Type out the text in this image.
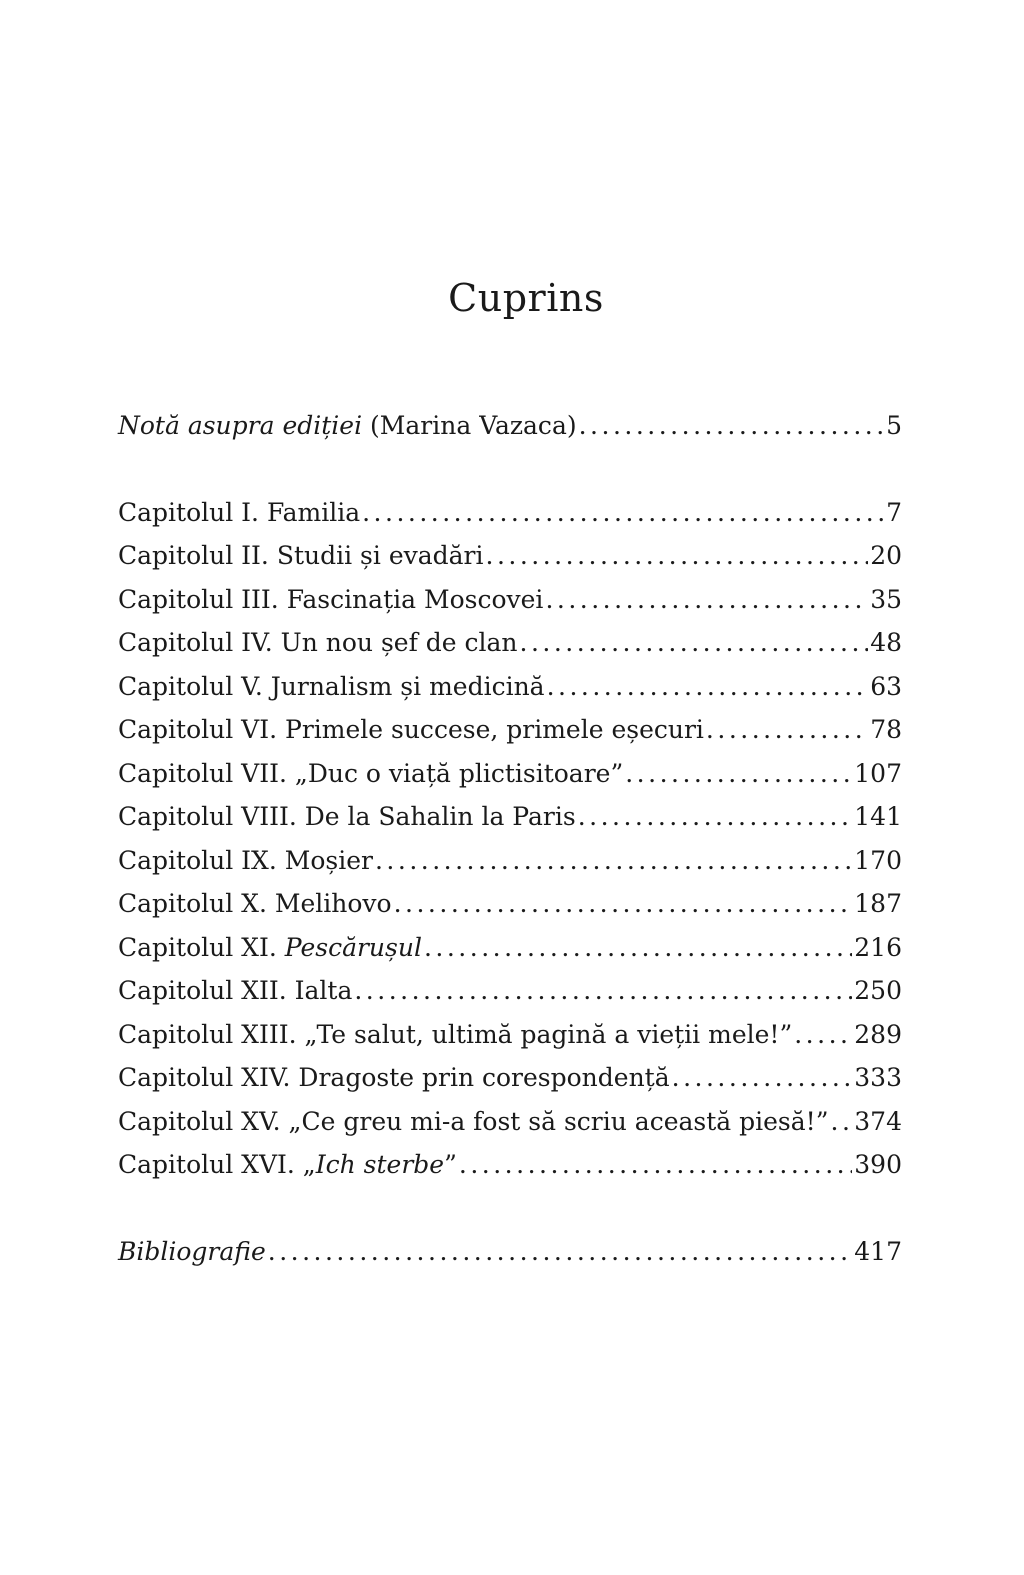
Cuprins
Notă asupra ediției (Marina Vazaca) .....	5
Capitolul I. Familia .....	7
Capitolul II. Studii și evadări .....	20
Capitolul III. Fascinația Moscovei .....	35
Capitolul IV. Un nou șef de clan .....	48
Capitolul V. Jurnalism și medicină .....	63
Capitolul VI. Primele succese, primele eșecuri .....	78
Capitolul VII. „Duc o viață plictisitoare” .....	107
Capitolul VIII. De la Sahalin la Paris .....	141
Capitolul IX. Moșier .....	170
Capitolul X. Melihovo .....	187
Capitolul XI. Pescărușul .....	216
Capitolul XII. Ialta .....	250
Capitolul XIII. „Te salut, ultimă pagină a vieții mele!” ..... 289
Capitolul XIV. Dragoste prin corespondență .....	333
Capitolul XV. „Ce greu mi-a fost să scriu această piesă!” ..... 374
Capitolul XVI. „Ich sterbe” .....	390
Bibliografie .....	417
